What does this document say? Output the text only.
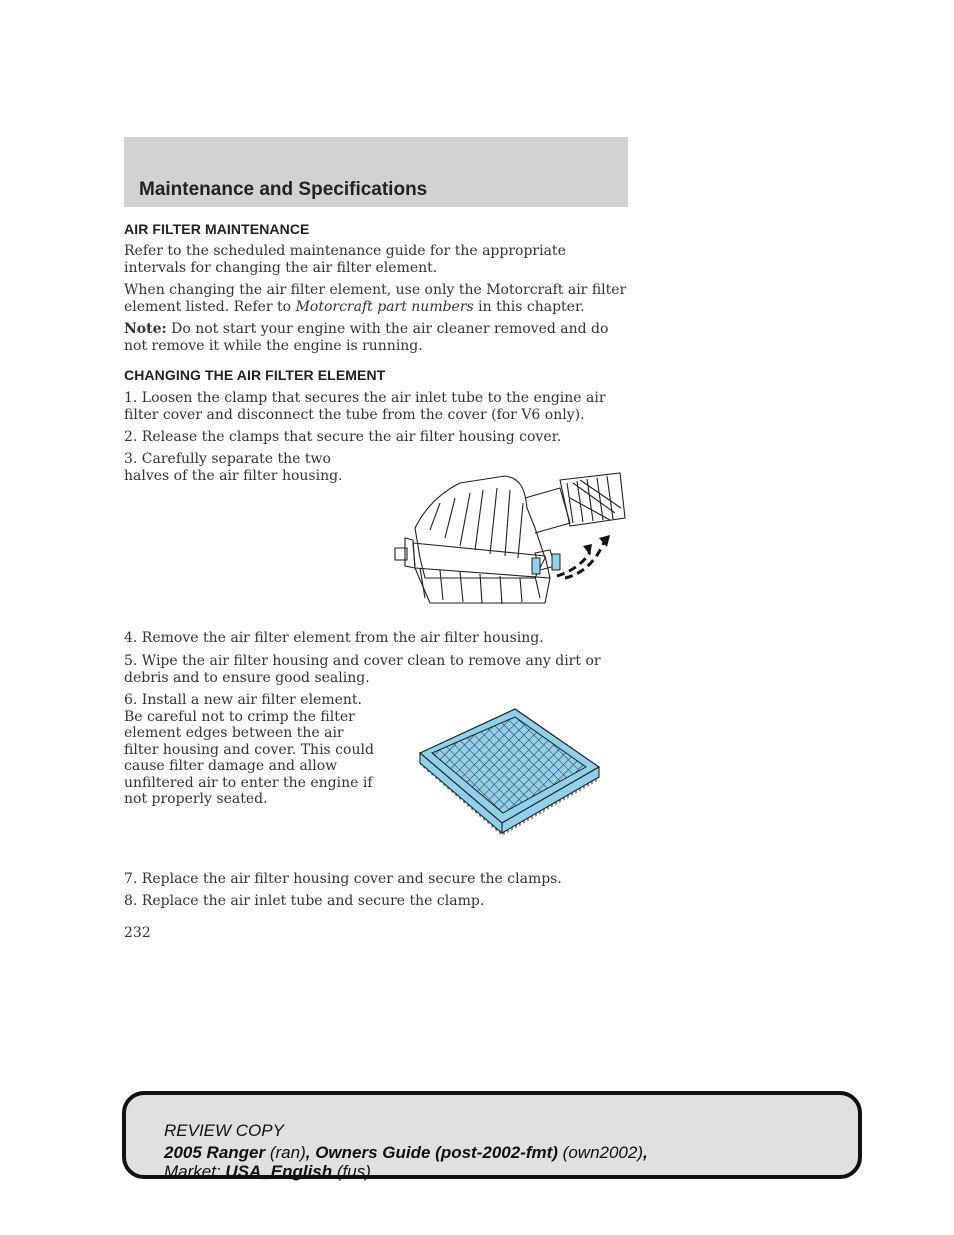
Maintenance and Specifications
AIR FILTER MAINTENANCE
Refer to the scheduled maintenance guide for the appropriate intervals for changing the air filter element.
When changing the air filter element, use only the Motorcraft air filter element listed. Refer to Motorcraft part numbers in this chapter.
Note: Do not start your engine with the air cleaner removed and do not remove it while the engine is running.
CHANGING THE AIR FILTER ELEMENT
1. Loosen the clamp that secures the air inlet tube to the engine air filter cover and disconnect the tube from the cover (for V6 only).
2. Release the clamps that secure the air filter housing cover.
3. Carefully separate the two halves of the air filter housing.
4. Remove the air filter element from the air filter housing.
5. Wipe the air filter housing and cover clean to remove any dirt or debris and to ensure good sealing.
6. Install a new air filter element. Be careful not to crimp the filter element edges between the air filter housing and cover. This could cause filter damage and allow unfiltered air to enter the engine if not properly seated.
7. Replace the air filter housing cover and secure the clamps.
8. Replace the air inlet tube and secure the clamp.
232
REVIEW COPY
2005 Ranger (ran), Owners Guide (post-2002-fmt) (own2002),
Market: USA_English (fus)
